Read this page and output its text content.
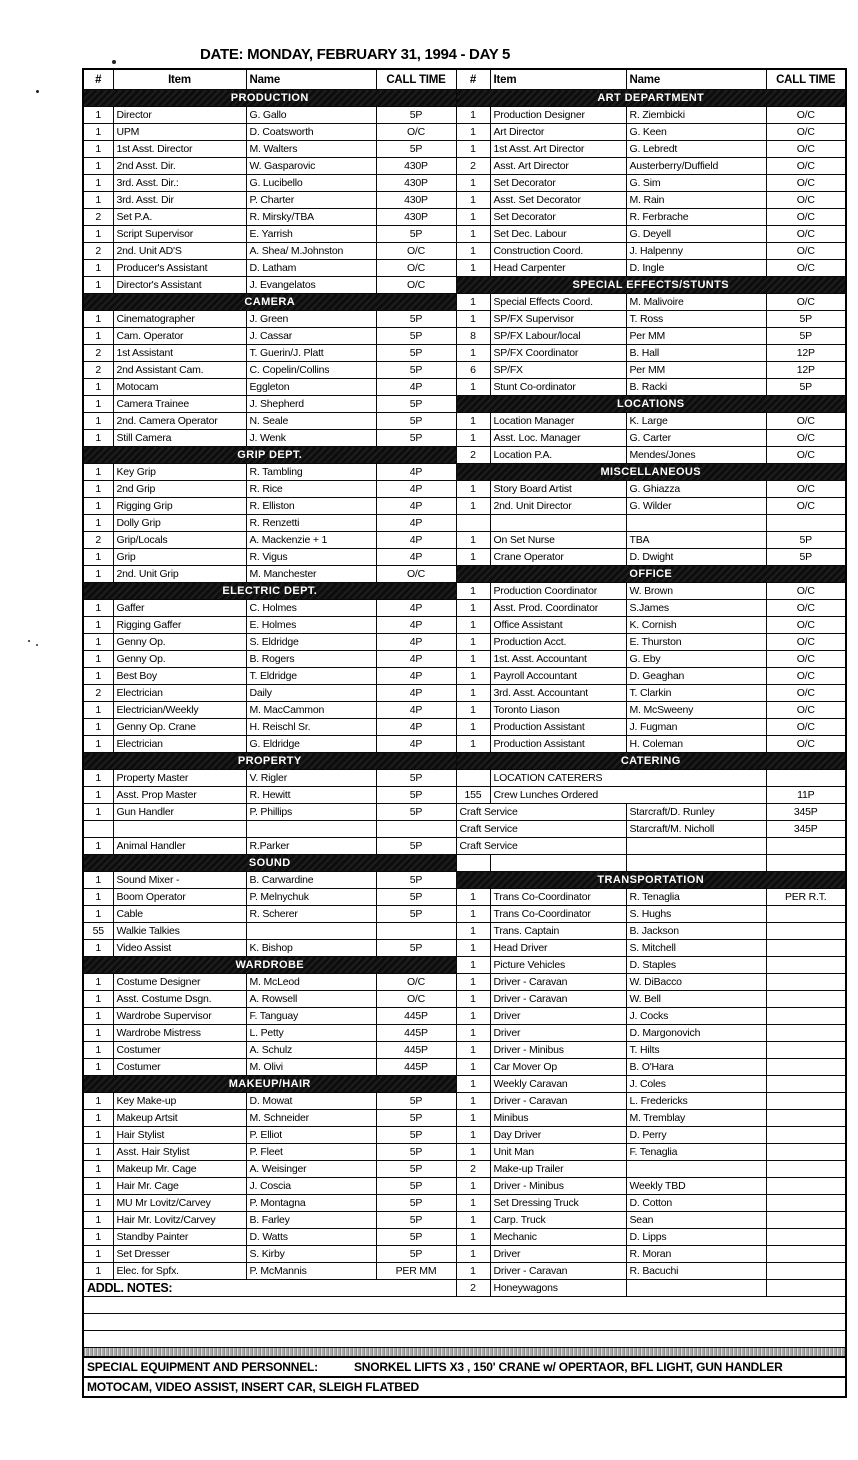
DATE: MONDAY, FEBRUARY 31, 1994 - DAY 5
#	Item	Name	CALL TIME	#	Item	Name	CALL TIME
PRODUCTION				ART DEPARTMENT			
1	Director	G. Gallo	5P	1	Production Designer	R. Ziembicki	O/C
1	UPM	D. Coatsworth	O/C	1	Art Director	G. Keen	O/C
1	1st Asst. Director	M. Walters	5P	1	1st Asst. Art Director	G. Lebredt	O/C
1	2nd Asst. Dir.	W. Gasparovic	430P	2	Asst. Art Director	Austerberry/Duffield	O/C
1	3rd. Asst. Dir.:	G. Lucibello	430P	1	Set Decorator	G. Sim	O/C
1	3rd. Asst. Dir	P. Charter	430P	1	Asst. Set Decorator	M. Rain	O/C
2	Set P.A.	R. Mirsky/TBA	430P	1	Set Decorator	R. Ferbrache	O/C
1	Script Supervisor	E. Yarrish	5P	1	Set Dec. Labour	G. Deyell	O/C
2	2nd. Unit AD'S	A. Shea/ M.Johnston	O/C	1	Construction Coord.	J. Halpenny	O/C
1	Producer's Assistant	D. Latham	O/C	1	Head Carpenter	D. Ingle	O/C
1	Director's Assistant	J. Evangelatos	O/C	SPECIAL EFFECTS/STUNTS			
CAMERA				1	Special Effects Coord.	M. Malivoire	O/C
1	Cinematographer	J. Green	5P	1	SP/FX Supervisor	T. Ross	5P
1	Cam. Operator	J. Cassar	5P	8	SP/FX Labour/local	Per MM	5P
2	1st Assistant	T. Guerin/J. Platt	5P	1	SP/FX Coordinator	B. Hall	12P
2	2nd Assistant Cam.	C. Copelin/Collins	5P	6	SP/FX	Per MM	12P
1	Motocam	Eggleton	4P	1	Stunt Co-ordinator	B. Racki	5P
1	Camera Trainee	J. Shepherd	5P	LOCATIONS			
1	2nd. Camera Operator	N. Seale	5P	1	Location Manager	K. Large	O/C
1	Still Camera	J. Wenk	5P	1	Asst. Loc. Manager	G. Carter	O/C
GRIP DEPT.				2	Location P.A.	Mendes/Jones	O/C
1	Key Grip	R. Tambling	4P	MISCELLANEOUS			
1	2nd Grip	R. Rice	4P	1	Story Board Artist	G. Ghiazza	O/C
1	Rigging Grip	R. Elliston	4P	1	2nd. Unit Director	G. Wilder	O/C
1	Dolly Grip	R. Renzetti	4P				
2	Grip/Locals	A. Mackenzie + 1	4P	1	On Set Nurse	TBA	5P
1	Grip	R. Vigus	4P	1	Crane Operator	D. Dwight	5P
1	2nd. Unit Grip	M. Manchester	O/C	OFFICE			
ELECTRIC DEPT.				1	Production Coordinator	W. Brown	O/C
1	Gaffer	C. Holmes	4P	1	Asst. Prod. Coordinator	S.James	O/C
1	Rigging Gaffer	E. Holmes	4P	1	Office Assistant	K. Cornish	O/C
1	Genny Op.	S. Eldridge	4P	1	Production Acct.	E. Thurston	O/C
1	Genny Op.	B. Rogers	4P	1	1st. Asst. Accountant	G. Eby	O/C
1	Best Boy	T. Eldridge	4P	1	Payroll Accountant	D. Geaghan	O/C
2	Electrician	Daily	4P	1	3rd. Asst. Accountant	T. Clarkin	O/C
1	Electrician/Weekly	M. MacCammon	4P	1	Toronto Liason	M. McSweeny	O/C
1	Genny Op. Crane	H. Reischl Sr.	4P	1	Production Assistant	J. Fugman	O/C
1	Electrician	G. Eldridge	4P	1	Production Assistant	H. Coleman	O/C
PROPERTY				CATERING			
1	Property Master	V. Rigler	5P		LOCATION CATERERS		
1	Asst. Prop Master	R. Hewitt	5P	155	Crew Lunches Ordered		11P
1	Gun Handler	P. Phillips	5P	Craft Service		Starcraft/D. Runley	345P
				Craft Service		Starcraft/M. Nicholl	345P
1	Animal Handler	R.Parker	5P	Craft Service			
SOUND							
1	Sound Mixer -	B. Carwardine	5P	TRANSPORTATION			
1	Boom Operator	P. Melnychuk	5P	1	Trans Co-Coordinator	R. Tenaglia	PER R.T.
1	Cable	R. Scherer	5P	1	Trans Co-Coordinator	S. Hughs	
55	Walkie Talkies			1	Trans. Captain	B. Jackson	
1	Video Assist	K. Bishop	5P	1	Head Driver	S. Mitchell	
WARDROBE				1	Picture Vehicles	D. Staples	
1	Costume Designer	M. McLeod	O/C	1	Driver - Caravan	W. DiBacco	
1	Asst. Costume Dsgn.	A. Rowsell	O/C	1	Driver - Caravan	W. Bell	
1	Wardrobe Supervisor	F. Tanguay	445P	1	Driver	J. Cocks	
1	Wardrobe Mistress	L. Petty	445P	1	Driver	D. Margonovich	
1	Costumer	A. Schulz	445P	1	Driver - Minibus	T. Hilts	
1	Costumer	M. Olivi	445P	1	Car Mover Op	B. O'Hara	
MAKEUP/HAIR				1	Weekly Caravan	J. Coles	
1	Key Make-up	D. Mowat	5P	1	Driver - Caravan	L. Fredericks	
1	Makeup Artsit	M. Schneider	5P	1	Minibus	M. Tremblay	
1	Hair Stylist	P. Elliot	5P	1	Day Driver	D. Perry	
1	Asst. Hair Stylist	P. Fleet	5P	1	Unit Man	F. Tenaglia	
1	Makeup Mr. Cage	A. Weisinger	5P	2	Make-up Trailer		
1	Hair Mr. Cage	J. Coscia	5P	1	Driver - Minibus	Weekly TBD	
1	MU Mr Lovitz/Carvey	P. Montagna	5P	1	Set Dressing Truck	D. Cotton	
1	Hair Mr. Lovitz/Carvey	B. Farley	5P	1	Carp. Truck	Sean	
1	Standby Painter	D. Watts	5P	1	Mechanic	D. Lipps	
1	Set Dresser	S. Kirby	5P	1	Driver	R. Moran	
1	Elec. for Spfx.	P. McMannis	PER MM	1	Driver - Caravan	R. Bacuchi	
ADDL. NOTES:				2	Honeywagons		

SPECIAL EQUIPMENT AND PERSONNEL: SNORKEL LIFTS X3 , 150' CRANE w/ OPERTAOR, BFL LIGHT, GUN HANDLER							
MOTOCAM, VIDEO ASSIST, INSERT CAR, SLEIGH FLATBED							
